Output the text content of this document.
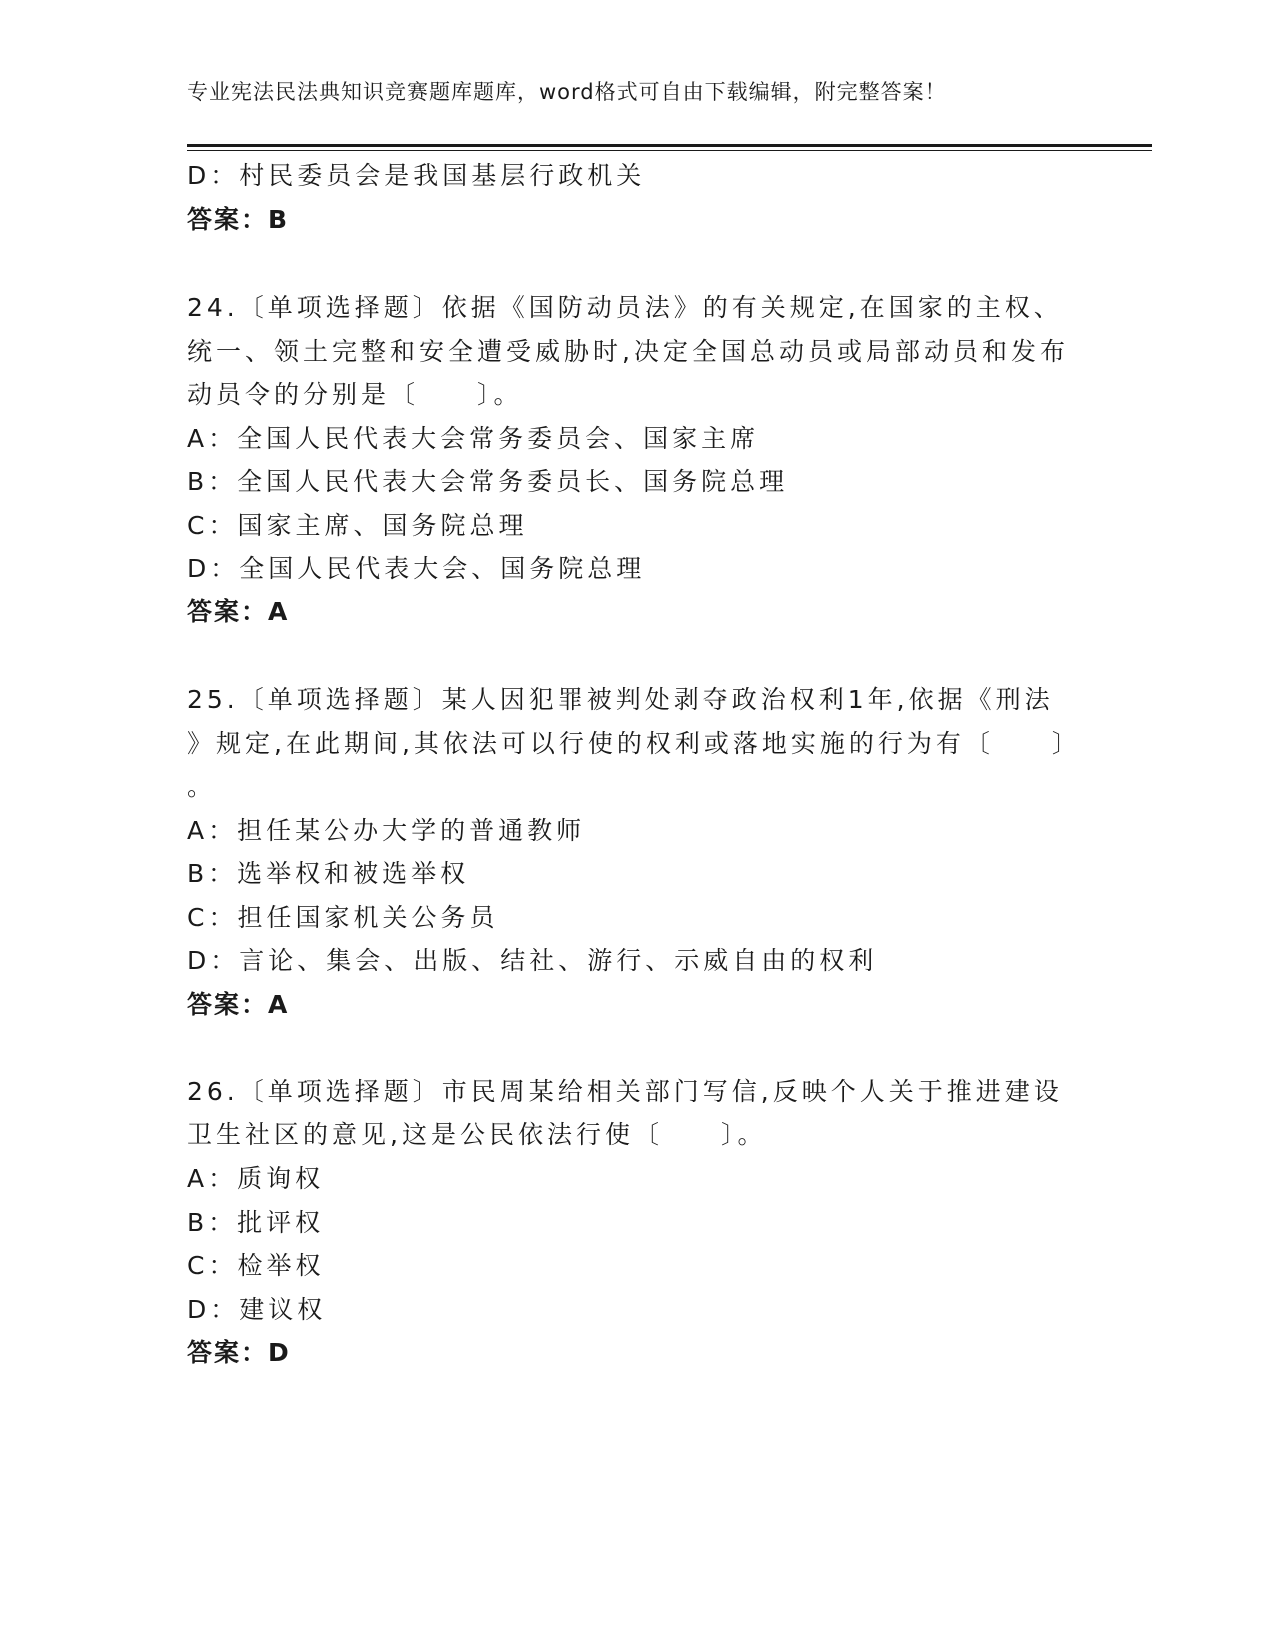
专业宪法民法典知识竞赛题库题库，word格式可自由下载编辑，附完整答案！
D：村民委员会是我国基层行政机关
答案：B
24.〔单项选择题〕依据《国防动员法》的有关规定,在国家的主权、
统一、领土完整和安全遭受威胁时,决定全国总动员或局部动员和发布
动员令的分别是〔　　〕。
A：全国人民代表大会常务委员会、国家主席
B：全国人民代表大会常务委员长、国务院总理
C：国家主席、国务院总理
D：全国人民代表大会、国务院总理
答案：A
25.〔单项选择题〕某人因犯罪被判处剥夺政治权利1年,依据《刑法
》规定,在此期间,其依法可以行使的权利或落地实施的行为有〔　　〕
。
A：担任某公办大学的普通教师
B：选举权和被选举权
C：担任国家机关公务员
D：言论、集会、出版、结社、游行、示威自由的权利
答案：A
26.〔单项选择题〕市民周某给相关部门写信,反映个人关于推进建设
卫生社区的意见,这是公民依法行使〔　　〕。
A：质询权
B：批评权
C：检举权
D：建议权
答案：D
